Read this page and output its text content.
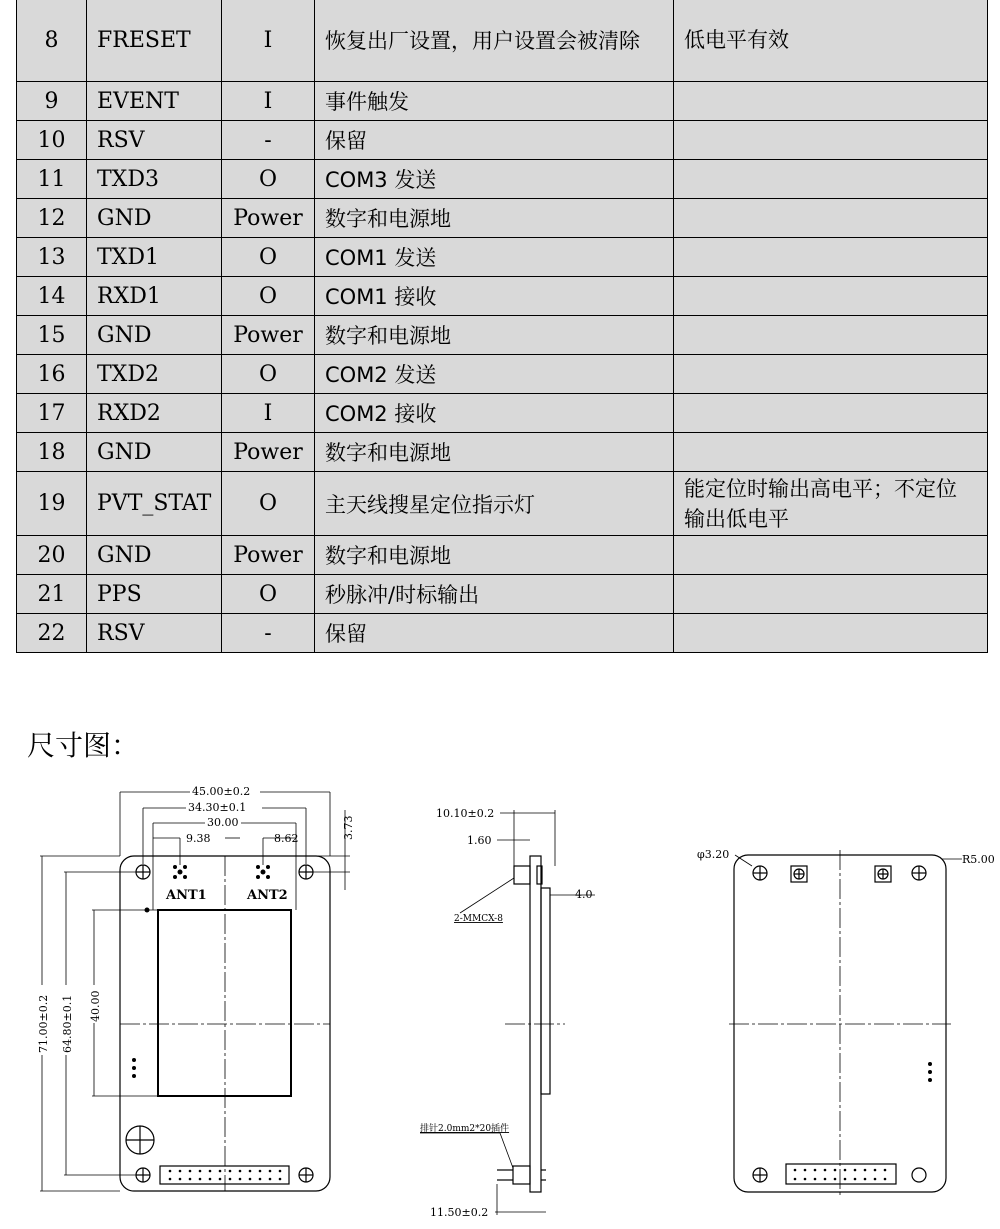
8	FRESET	I	恢复出厂设置，用户设置会被清除	低电平有效
9	EVENT	I	事件触发	
10	RSV	-	保留	
11	TXD3	O	COM3 发送	
12	GND	Power	数字和电源地	
13	TXD1	O	COM1 发送	
14	RXD1	O	COM1 接收	
15	GND	Power	数字和电源地	
16	TXD2	O	COM2 发送	
17	RXD2	I	COM2 接收	
18	GND	Power	数字和电源地	
19	PVT_STAT	O	主天线搜星定位指示灯	能定位时输出高电平；不定位输出低电平
20	GND	Power	数字和电源地	
21	PPS	O	秒脉冲/时标输出	
22	RSV	-	保留	
尺寸图：
45.00±0.2
34.30±0.1
30.00
9.38	8.62	3.73
71.00±0.2 64.80±0.1 40.00
ANT1	ANT2
10.10±0.2
1.60
4.0
2-MMCX-8
排针2.0mm2*20插件
11.50±0.2
φ3.20	R5.00
